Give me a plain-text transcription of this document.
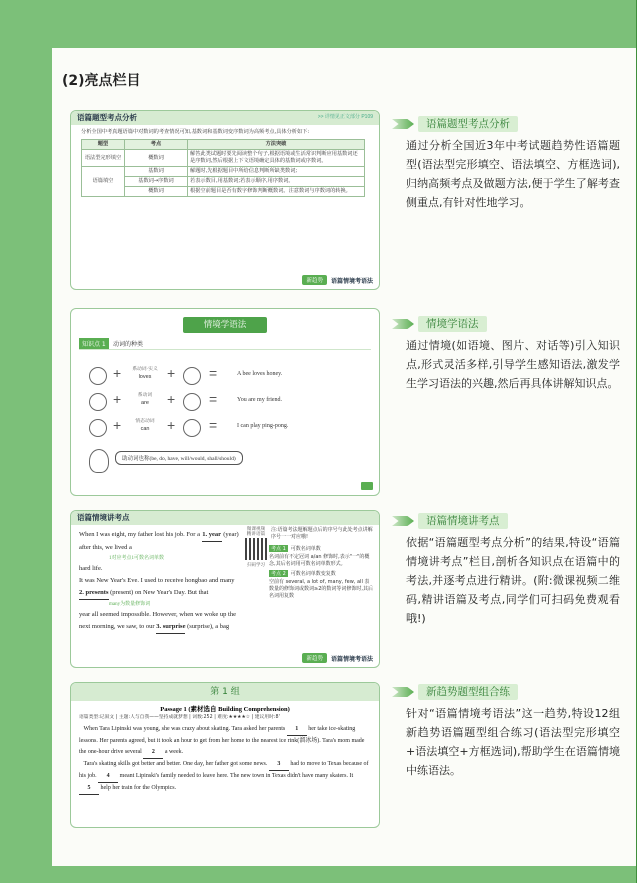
(2)亮点栏目
语篇题型考点分析	>> 详情见正文部分 P109
分析全国中考真题语篇中对数词的考查情况可知,基数词和基数词变序数词为高频考点,具体分析如下:
题型	考点	方法突破
语法型完形填空	概数词	解答此类试题时要先阅读整个句子,根据语境或生活常识判断应用基数词还是序数词,然后根据上下文语境确定具体的基数词或序数词。
语篇填空	基数词	解题时,先根据题目中所给信息判断所缺类数词;
	基数词→序数词	若表示数目,用基数词;若表示顺序,用序数词。
	概数词	根据空前题目是否有数字修饰判断概数词。注意数词与序数词的转换。
新趋势	语篇情境考语法
情境学语法
知识点 1	动词的种类
+	系动词·实义
loves	+ =	A bee loves honey.
+	系动词
are	+ =	You are my friend.
+	情态动词
can	+ =	I can play ping-pong.
助动词也称(be, do, have, will/would, shall/should)
语篇情境讲考点
When I was eight, my father lost his job. For a 1. year (year) after this, we lived a
1对应考点1可数名词单数
hard life.
It was New Year's Eve. I used to receive hongbao and many 2. presents (present) on New Year's Day. But that
many为数量修饰词
year all seemed impossible. However, when we woke up the next morning, we saw, to our 3. surprise (surprise), a bag
微课视频 精讲语篇
扫码学习
注:语篇考法题解题点后的序号与此处考点讲解序号一一对应哦!
考点 1	可数名词单数
名词前有不定冠词 a/an 修饰时,表示"一"的概念,其后名词用可数名词单数形式。
考点 2	可数名词单数变复数
空前有 several, a lot of, many, few, all 表数量的修饰词或数词≥2的数词等词修饰时,其后名词用复数
新趋势	语篇情境考语法
第 1 组
Passage 1 (素材选自 Building Comprehension)
语篇类型:记叙文 | 主题:人与自我——坚持成就梦想 | 词数:252 | 难度:★★★★☆ | 建议用时:8'
When Tara Lipinski was young, she was crazy about skating. Tara asked her parents 1 her take ice-skating lessons. Her parents agreed, but it took an hour to get from her home to the nearest ice rink(溜冰场). Tara's mom made the one-hour drive several 2 a week.
Tara's skating skills got better and better. One day, her father got some news. 3 had to move to Texas because of his job. 4 meant Lipinski's family needed to leave here. The new town in Texas didn't have many skaters. It 5 help her train for the Olympics.
语篇题型考点分析
通过分析全国近3年中考试题趋势性语篇题型(语法型完形填空、语法填空、方框选词),归纳高频考点及做题方法,便于学生了解考查侧重点,有针对性地学习。
情境学语法
通过情境(如语境、图片、对话等)引入知识点,形式灵活多样,引导学生感知语法,激发学生学习语法的兴趣,然后再具体讲解知识点。
语篇情境讲考点
依据“语篇题型考点分析”的结果,特设“语篇情境讲考点”栏目,剖析各知识点在语篇中的考法,并逐考点进行精讲。(附:微课视频二维码,精讲语篇及考点,同学们可扫码免费观看哦!)
新趋势题型组合练
针对“语篇情境考语法”这一趋势,特设12组新趋势语篇题型组合练习(语法型完形填空+语法填空+方框选词),帮助学生在语篇情境中练语法。
